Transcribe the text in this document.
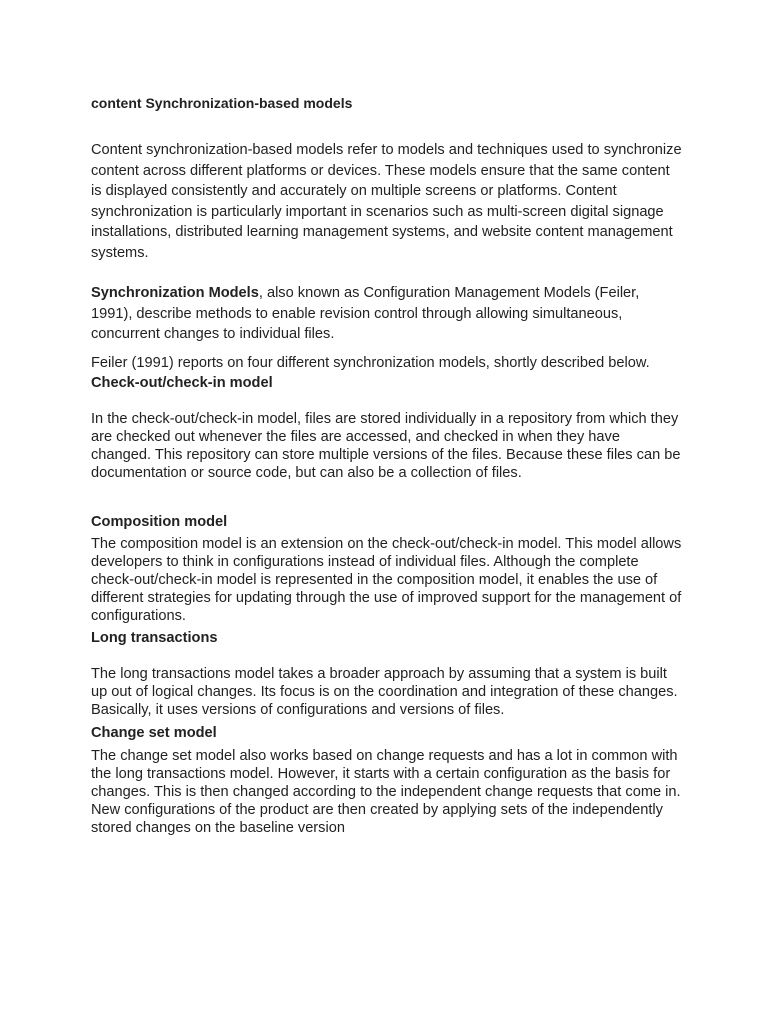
content Synchronization-based models

Content synchronization-based models refer to models and techniques used to synchronize content across different platforms or devices. These models ensure that the same content is displayed consistently and accurately on multiple screens or platforms. Content synchronization is particularly important in scenarios such as multi-screen digital signage installations, distributed learning management systems, and website content management systems.

Synchronization Models, also known as Configuration Management Models (Feiler, 1991), describe methods to enable revision control through allowing simultaneous, concurrent changes to individual files.

Feiler (1991) reports on four different synchronization models, shortly described below.

Check-out/check-in model

In the check-out/check-in model, files are stored individually in a repository from which they are checked out whenever the files are accessed, and checked in when they have changed. This repository can store multiple versions of the files. Because these files can be documentation or source code, but can also be a collection of files.

Composition model

The composition model is an extension on the check-out/check-in model. This model allows developers to think in configurations instead of individual files. Although the complete check-out/check-in model is represented in the composition model, it enables the use of different strategies for updating through the use of improved support for the management of configurations.

Long transactions

The long transactions model takes a broader approach by assuming that a system is built up out of logical changes. Its focus is on the coordination and integration of these changes. Basically, it uses versions of configurations and versions of files.

Change set model

The change set model also works based on change requests and has a lot in common with the long transactions model. However, it starts with a certain configuration as the basis for changes. This is then changed according to the independent change requests that come in. New configurations of the product are then created by applying sets of the independently stored changes on the baseline version
